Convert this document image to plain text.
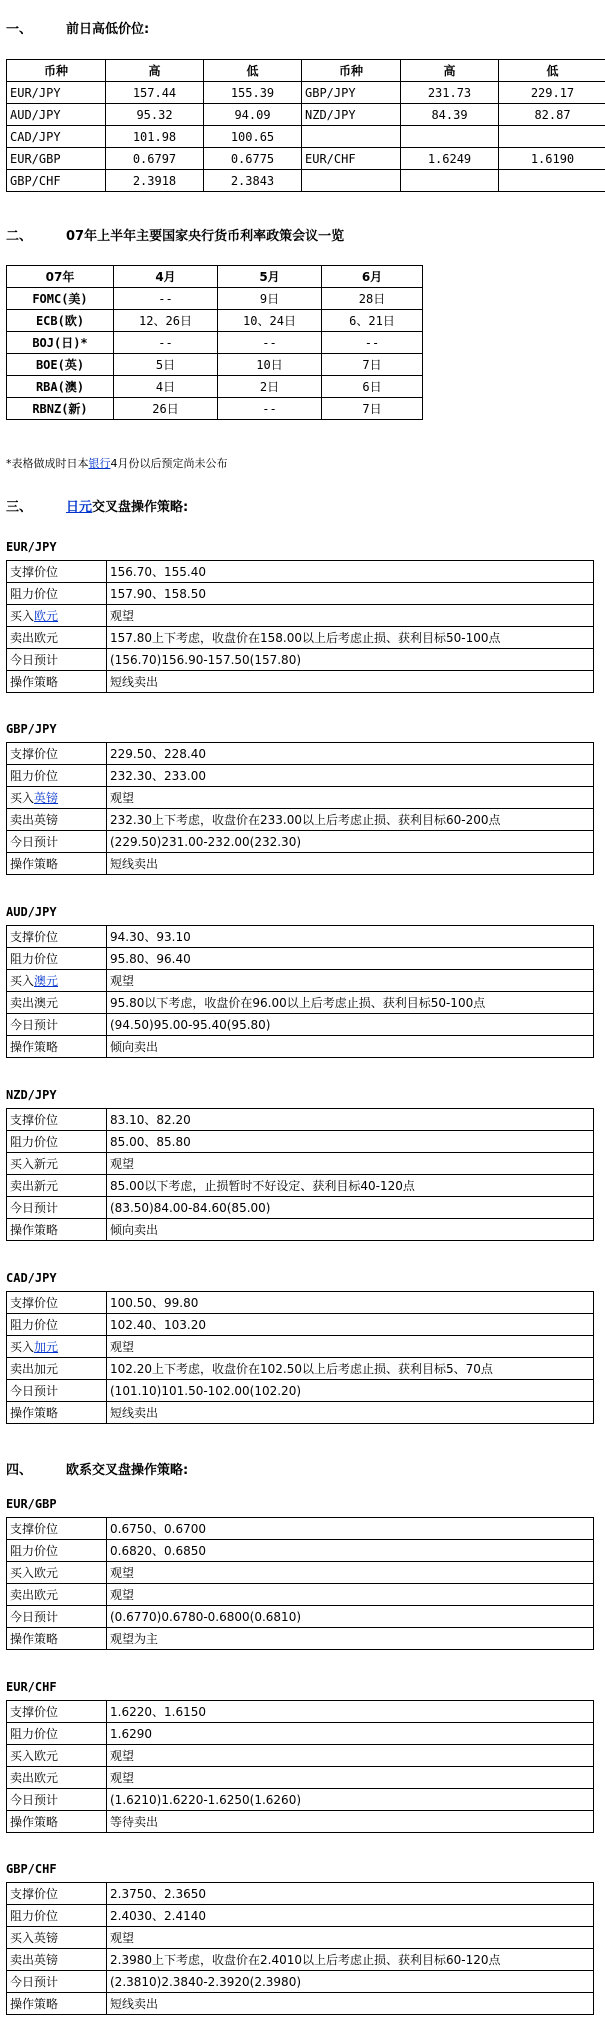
一、	前日高低价位:
币种	高	低	币种	高	低
EUR/JPY	157.44	155.39	GBP/JPY	231.73	229.17
AUD/JPY	95.32	94.09	NZD/JPY	84.39	82.87
CAD/JPY	101.98	100.65			
EUR/GBP	0.6797	0.6775	EUR/CHF	1.6249	1.6190
GBP/CHF	2.3918	2.3843			
二、	07年上半年主要国家央行货币利率政策会议一览
07年	4月	5月	6月
FOMC(美)	--	9日	28日
ECB(欧)	12、26日	10、24日	6、21日
BOJ(日)*	--	--	--
BOE(英)	5日	10日	7日
RBA(澳)	4日	2日	6日
RBNZ(新)	26日	--	7日
*表格做成时日本银行4月份以后预定尚未公布
三、	日元交叉盘操作策略:
四、	欧系交叉盘操作策略:
EUR/JPY
支撑价位	156.70、155.40
阻力价位	157.90、158.50
买入欧元	观望
卖出欧元	157.80上下考虑，收盘价在158.00以上后考虑止损、获利目标50-100点
今日预计	(156.70)156.90-157.50(157.80)
操作策略	短线卖出
GBP/JPY
支撑价位	229.50、228.40
阻力价位	232.30、233.00
买入英镑	观望
卖出英镑	232.30上下考虑，收盘价在233.00以上后考虑止损、获利目标60-200点
今日预计	(229.50)231.00-232.00(232.30)
操作策略	短线卖出
AUD/JPY
支撑价位	94.30、93.10
阻力价位	95.80、96.40
买入澳元	观望
卖出澳元	95.80以下考虑，收盘价在96.00以上后考虑止损、获利目标50-100点
今日预计	(94.50)95.00-95.40(95.80)
操作策略	倾向卖出
NZD/JPY
支撑价位	83.10、82.20
阻力价位	85.00、85.80
买入新元	观望
卖出新元	85.00以下考虑，止损暂时不好设定、获利目标40-120点
今日预计	(83.50)84.00-84.60(85.00)
操作策略	倾向卖出
CAD/JPY
支撑价位	100.50、99.80
阻力价位	102.40、103.20
买入加元	观望
卖出加元	102.20上下考虑，收盘价在102.50以上后考虑止损、获利目标5、70点
今日预计	(101.10)101.50-102.00(102.20)
操作策略	短线卖出
EUR/GBP
支撑价位	0.6750、0.6700
阻力价位	0.6820、0.6850
买入欧元	观望
卖出欧元	观望
今日预计	(0.6770)0.6780-0.6800(0.6810)
操作策略	观望为主
EUR/CHF
支撑价位	1.6220、1.6150
阻力价位	1.6290
买入欧元	观望
卖出欧元	观望
今日预计	(1.6210)1.6220-1.6250(1.6260)
操作策略	等待卖出
GBP/CHF
支撑价位	2.3750、2.3650
阻力价位	2.4030、2.4140
买入英镑	观望
卖出英镑	2.3980上下考虑，收盘价在2.4010以上后考虑止损、获利目标60-120点
今日预计	(2.3810)2.3840-2.3920(2.3980)
操作策略	短线卖出
